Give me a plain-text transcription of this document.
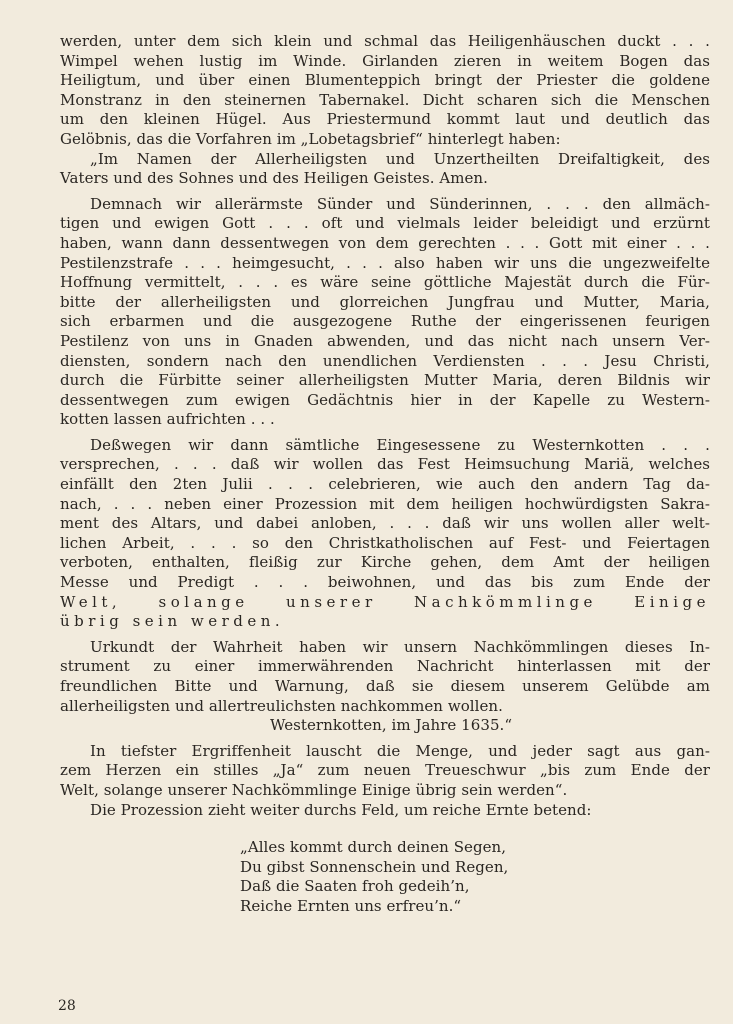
werden, unter dem sich klein und schmal das Heiligenhäuschen duckt . . .
Wimpel wehen lustig im Winde. Girlanden zieren in weitem Bogen das
Heiligtum, und über einen Blumenteppich bringt der Priester die goldene
Monstranz in den steinernen Tabernakel. Dicht scharen sich die Menschen
um den kleinen Hügel. Aus Priestermund kommt laut und deutlich das
Gelöbnis, das die Vorfahren im „Lobetagsbrief“ hinterlegt haben:
„Im Namen der Allerheiligsten und Unzertheilten Dreifaltigkeit, des
Vaters und des Sohnes und des Heiligen Geistes. Amen.
Demnach wir allerärmste Sünder und Sünderinnen, . . . den allmäch-
tigen und ewigen Gott . . . oft und vielmals leider beleidigt und erzürnt
haben, wann dann dessentwegen von dem gerechten . . . Gott mit einer . . .
Pestilenzstrafe . . . heimgesucht, . . . also haben wir uns die ungezweifelte
Hoffnung vermittelt, . . . es wäre seine göttliche Majestät durch die Für-
bitte der allerheiligsten und glorreichen Jungfrau und Mutter, Maria,
sich erbarmen und die ausgezogene Ruthe der eingerissenen feurigen
Pestilenz von uns in Gnaden abwenden, und das nicht nach unsern Ver-
diensten, sondern nach den unendlichen Verdiensten . . . Jesu Christi,
durch die Fürbitte seiner allerheiligsten Mutter Maria, deren Bildnis wir
dessentwegen zum ewigen Gedächtnis hier in der Kapelle zu Western-
kotten lassen aufrichten . . .
Deßwegen wir dann sämtliche Eingesessene zu Westernkotten . . .
versprechen, . . . daß wir wollen das Fest Heimsuchung Mariä, welches
einfällt den 2ten Julii . . . celebrieren, wie auch den andern Tag da-
nach, . . . neben einer Prozession mit dem heiligen hochwürdigsten Sakra-
ment des Altars, und dabei anloben, . . . daß wir uns wollen aller welt-
lichen Arbeit, . . . so den Christkatholischen auf Fest- und Feiertagen
verboten, enthalten, fleißig zur Kirche gehen, dem Amt der heiligen
Messe und Predigt . . . beiwohnen, und das bis zum Ende der
Welt, solange unserer Nachkömmlinge Einige
übrig sein werden.
Urkundt der Wahrheit haben wir unsern Nachkömmlingen dieses In-
strument zu einer immerwährenden Nachricht hinterlassen mit der
freundlichen Bitte und Warnung, daß sie diesem unserem Gelübde am
allerheiligsten und allertreulichsten nachkommen wollen.
Westernkotten, im Jahre 1635.“
In tiefster Ergriffenheit lauscht die Menge, und jeder sagt aus gan-
zem Herzen ein stilles „Ja“ zum neuen Treueschwur „bis zum Ende der
Welt, solange unserer Nachkömmlinge Einige übrig sein werden“.
Die Prozession zieht weiter durchs Feld, um reiche Ernte betend:
„Alles kommt durch deinen Segen,
Du gibst Sonnenschein und Regen,
Daß die Saaten froh gedeih’n,
Reiche Ernten uns erfreu’n.“
28
